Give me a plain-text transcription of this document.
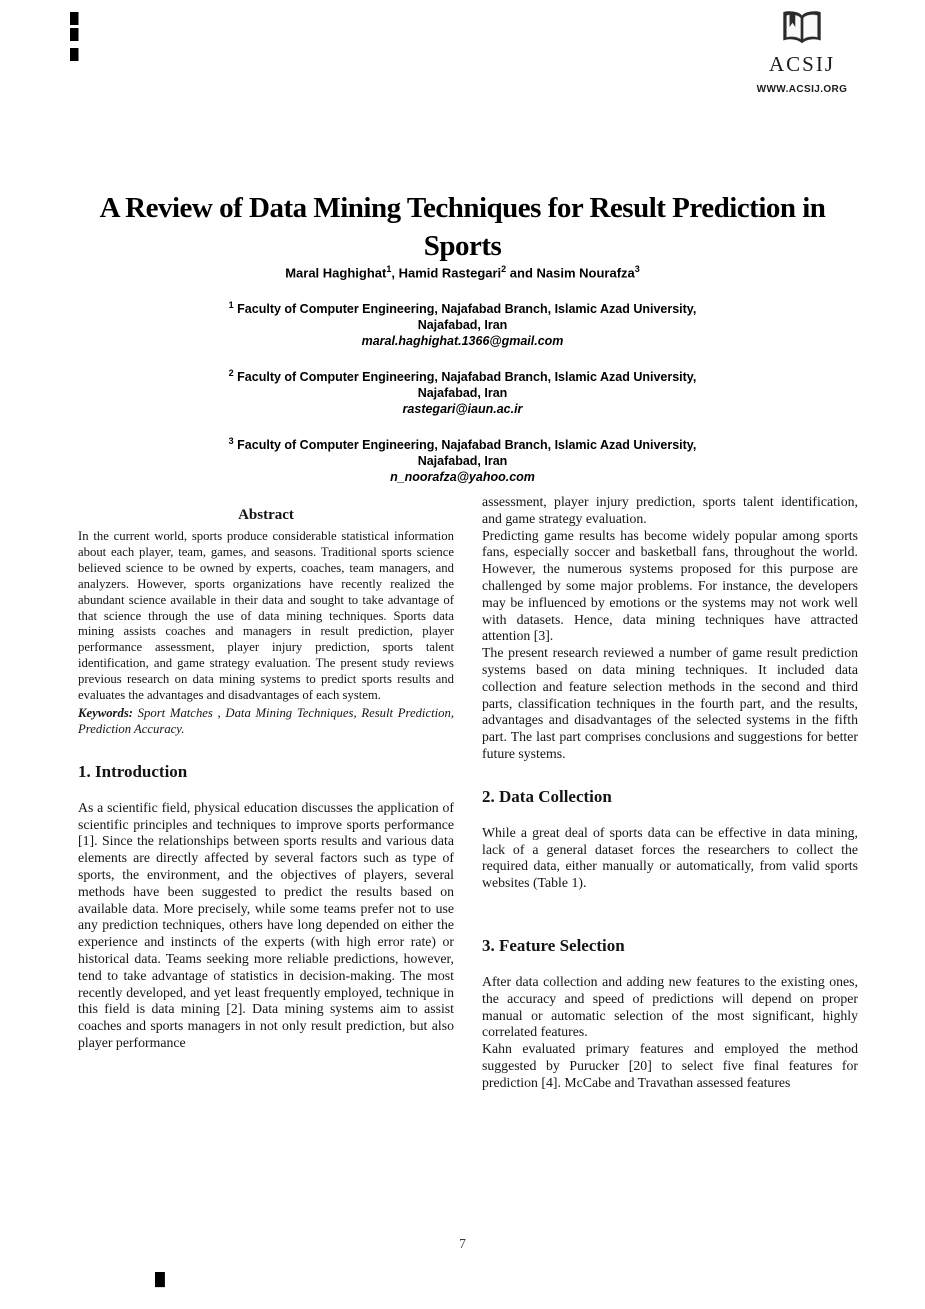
█
█
█	ACSIJ
WWW.ACSIJ.ORG
A Review of Data Mining Techniques for Result Prediction in
Sports
Maral Haghighat$^1$, Hamid Rastegari$^2$ and Nasim Nourafza$^3$
$^1$ Faculty of Computer Engineering, Najafabad Branch, Islamic Azad University,
Najafabad, Iran
maral.haghighat.1366@gmail.com
$^2$ Faculty of Computer Engineering, Najafabad Branch, Islamic Azad University,
Najafabad, Iran
rastegari@iaun.ac.ir
$^3$ Faculty of Computer Engineering, Najafabad Branch, Islamic Azad University,
Najafabad, Iran
n_noorafza@yahoo.com
Abstract

In the current world, sports produce considerable statistical information about each player, team, games, and seasons. Traditional sports science believed science to be owned by experts, coaches, team managers, and analyzers. However, sports organizations have recently realized the abundant science available in their data and sought to take advantage of that science through the use of data mining techniques. Sports data mining assists coaches and managers in result prediction, player performance assessment, player injury prediction, sports talent identification, and game strategy evaluation. The present study reviews previous research on data mining systems to predict sports results and evaluates the advantages and disadvantages of each system.

Keywords: Sport Matches , Data Mining Techniques, Result Prediction, Prediction Accuracy.

1. Introduction

As a scientific field, physical education discusses the application of scientific principles and techniques to improve sports performance [1]. Since the relationships between sports results and various data elements are directly affected by several factors such as type of sports, the environment, and the objectives of players, several methods have been suggested to predict the results based on available data. More precisely, while some teams prefer not to use any prediction techniques, others have long depended on either the experience and instincts of the experts (with high error rate) or historical data. Teams seeking more reliable predictions, however, tend to take advantage of statistics in decision-making. The most recently developed, and yet least frequently employed, technique in this field is data mining [2]. Data mining systems aim to assist coaches and sports managers in not only result prediction, but also player performance

assessment, player injury prediction, sports talent identification, and game strategy evaluation.

Predicting game results has become widely popular among sports fans, especially soccer and basketball fans, throughout the world. However, the numerous systems proposed for this purpose are challenged by some major problems. For instance, the developers may be influenced by emotions or the systems may not work well with datasets. Hence, data mining techniques have attracted attention [3].

The present research reviewed a number of game result prediction systems based on data mining techniques. It included data collection and feature selection methods in the second and third parts, classification techniques in the fourth part, and the results, advantages and disadvantages of the selected systems in the fifth part. The last part comprises conclusions and suggestions for better future systems.

2. Data Collection

While a great deal of sports data can be effective in data mining, lack of a general dataset forces the researchers to collect the required data, either manually or automatically, from valid sports websites (Table 1).

3. Feature Selection

After data collection and adding new features to the existing ones, the accuracy and speed of predictions will depend on proper manual or automatic selection of the most significant, highly correlated features.

Kahn evaluated primary features and employed the method suggested by Purucker [20] to select five final features for prediction [4]. McCabe and Travathan assessed features

7
█
